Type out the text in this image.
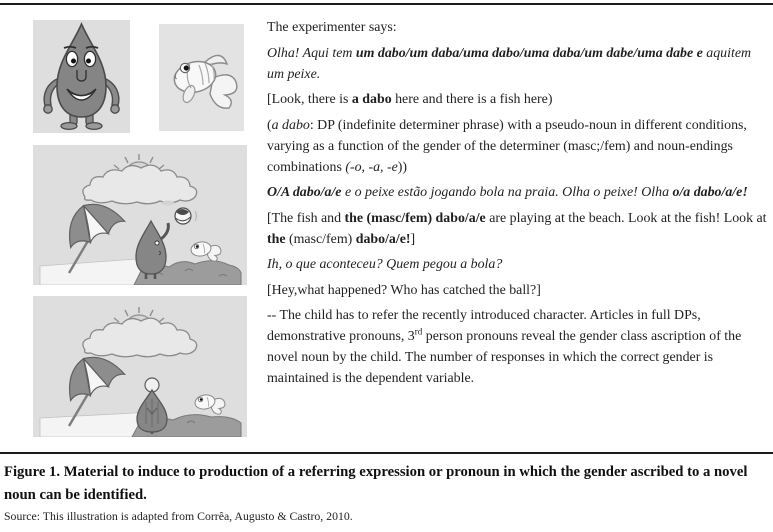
The experimenter says:

Olha! Aqui tem um dabo/um daba/uma dabo/uma daba/um dabe/uma dabe e aquitem um peixe.

[Look, there is a dabo here and there is a fish here)

(a dabo: DP (indefinite determiner phrase) with a pseudo-noun in different conditions, varying as a function of the gender of the determiner (masc;/fem) and noun-endings combinations (-o, -a, -e))

O/A dabo/a/e e o peixe estão jogando bola na praia. Olha o peixe! Olha o/a dabo/a/e!

[The fish and the (masc/fem) dabo/a/e are playing at the beach. Look at the fish! Look at the (masc/fem) dabo/a/e!]

Ih, o que aconteceu? Quem pegou a bola?

[Hey,what happened? Who has catched the ball?]

-- The child has to refer the recently introduced character. Articles in full DPs, demonstrative pronouns, 3rd person pronouns reveal the gender class ascription of the novel noun by the child. The number of responses in which the correct gender is maintained is the dependent variable.

Figure 1. Material to induce to production of a referring expression or pronoun in which the gender ascribed to a novel noun can be identified.
Source: This illustration is adapted from Corrêa, Augusto & Castro, 2010.
